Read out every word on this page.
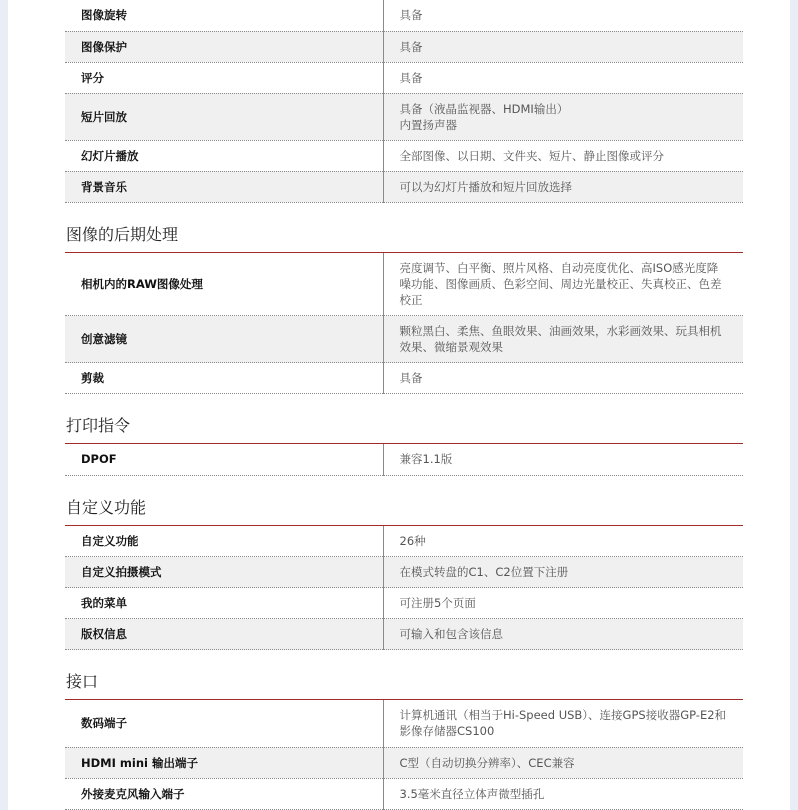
图像旋转	具备
图像保护	具备
评分	具备
短片回放	具备（液晶监视器、HDMI输出）
内置扬声器
幻灯片播放	全部图像、以日期、文件夹、短片、静止图像或评分
背景音乐	可以为幻灯片播放和短片回放选择
图像的后期处理
相机内的RAW图像处理	亮度调节、白平衡、照片风格、自动亮度优化、高ISO感光度降噪功能、图像画质、色彩空间、周边光量校正、失真校正、色差校正
创意滤镜	颗粒黑白、柔焦、鱼眼效果、油画效果，水彩画效果、玩具相机效果、微缩景观效果
剪裁	具备
打印指令
DPOF	兼容1.1版
自定义功能
自定义功能	26种
自定义拍摄模式	在模式转盘的C1、C2位置下注册
我的菜单	可注册5个页面
版权信息	可输入和包含该信息
接口
数码端子	计算机通讯（相当于Hi-Speed USB）、连接GPS接收器GP-E2和影像存储器CS100
HDMI mini 输出端子	C型（自动切换分辨率）、CEC兼容
外接麦克风输入端子	3.5毫米直径立体声微型插孔
